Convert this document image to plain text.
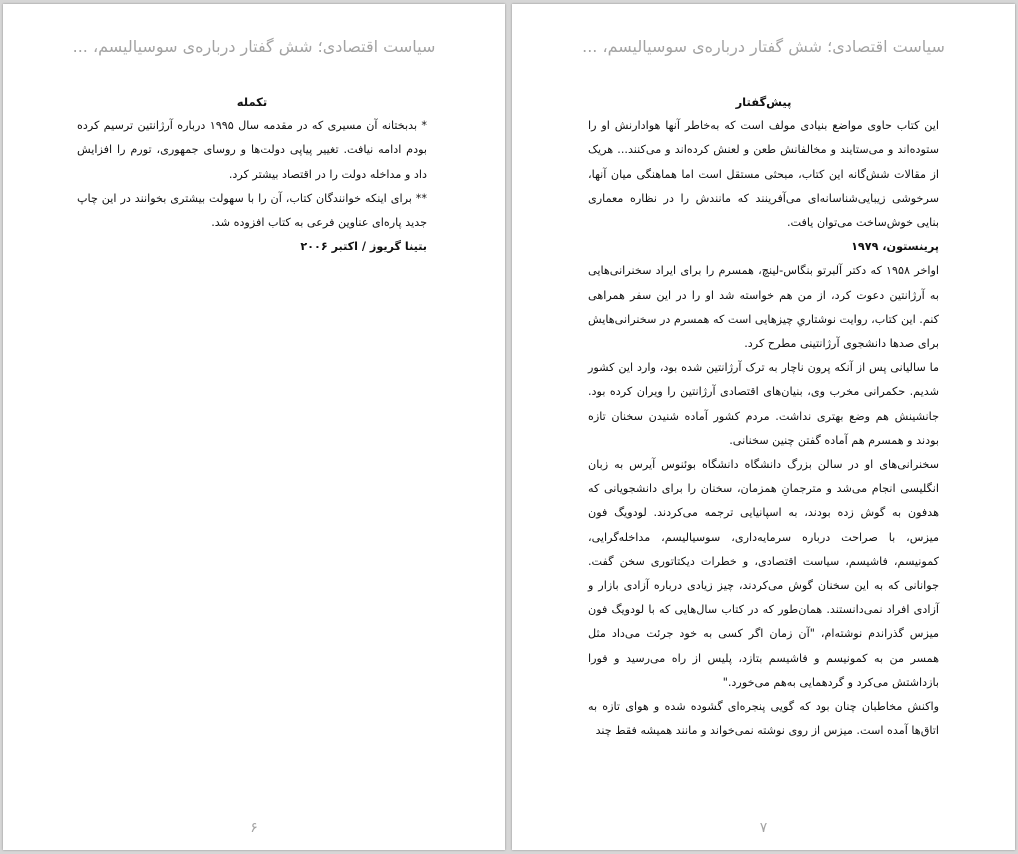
سیاست اقتصادی؛ شش گفتار درباره‌ی سوسیالیسم، ...

تکمله

* بدبختانه آن مسیری که در مقدمه سال ۱۹۹۵ درباره آرژانتین ترسیم کرده بودم ادامه نیافت. تغییر پیاپی دولت‌ها و روسای جمهوری، تورم را افزایش داد و مداخله دولت را در اقتصاد بیشتر کرد.

** برای اینکه خوانندگان کتاب، آن را با سهولت بیشتری بخوانند در این چاپ جدید پاره‌ای عناوین فرعی به کتاب افزوده شد.

بتینا گریوز / اکتبر ۲۰۰۶

۶
سیاست اقتصادی؛ شش گفتار درباره‌ی سوسیالیسم، ...

پیش‌گفتار

این کتاب حاوی مواضع بنیادی مولف است که به‌خاطر آنها هوادارنش او را ستوده‌اند و می‌ستایند و مخالفانش طعن و لعنش کرده‌اند و می‌کنند... هریک از مقالات شش‌گانه این کتاب، مبحثی مستقل است اما هماهنگی میان آنها، سرخوشی زیبایی‌شناسانه‌ای می‌آفرینند که مانندش را در نظاره معماری بنایی خوش‌ساخت می‌توان یافت.

پرینستون، ۱۹۷۹

اواخر ۱۹۵۸ که دکتر آلبرتو بنگاس-لینچ، همسرم را برای ایراد سخنرانی‌هایی به آرژانتین دعوت کرد، از من هم خواسته شد او را در این سفر همراهی کنم. این کتاب، روایت نوشتاریِ چیزهایی است که همسرم در سخنرانی‌هایش برای صدها دانشجوی آرژانتینی مطرح کرد.

ما سالیانی پس از آنکه پرون ناچار به ترک آرژانتین شده بود، وارد این کشور شدیم. حکمرانی مخرب وی، بنیان‌های اقتصادی آرژانتین را ویران کرده بود. جانشینش هم وضع بهتری نداشت. مردم کشور آماده شنیدن سخنان تازه بودند و همسرم هم آماده گفتن چنین سخنانی.

سخنرانی‌های او در سالن بزرگ دانشگاه دانشگاه بوئنوس آیرس به زبان انگلیسی انجام می‌شد و مترجمانِ همزمان، سخنان را برای دانشجویانی که هدفون به گوش زده بودند، به اسپانیایی ترجمه می‌کردند. لودویگ فون میزس، با صراحت درباره سرمایه‌داری، سوسیالیسم، مداخله‌گرایی، کمونیسم، فاشیسم، سیاست اقتصادی، و خطرات دیکتاتوری سخن گفت. جوانانی که به این سخنان گوش می‌کردند، چیز زیادی درباره آزادی بازار و آزادی افراد نمی‌دانستند. همان‌طور که در کتاب سال‌هایی که با لودویگ فون میزس گذراندم نوشته‌ام، "آن زمان اگر کسی به خود جرئت می‌داد مثل همسر من به کمونیسم و فاشیسم بتازد، پلیس از راه می‌رسید و فورا بازداشتش می‌کرد و گردهمایی به‌هم می‌خورد."

واکنش مخاطبان چنان بود که گویی پنجره‌ای گشوده شده و هوای تازه به اتاق‌ها آمده است. میزس از روی نوشته نمی‌خواند و مانند همیشه فقط چند

۷
